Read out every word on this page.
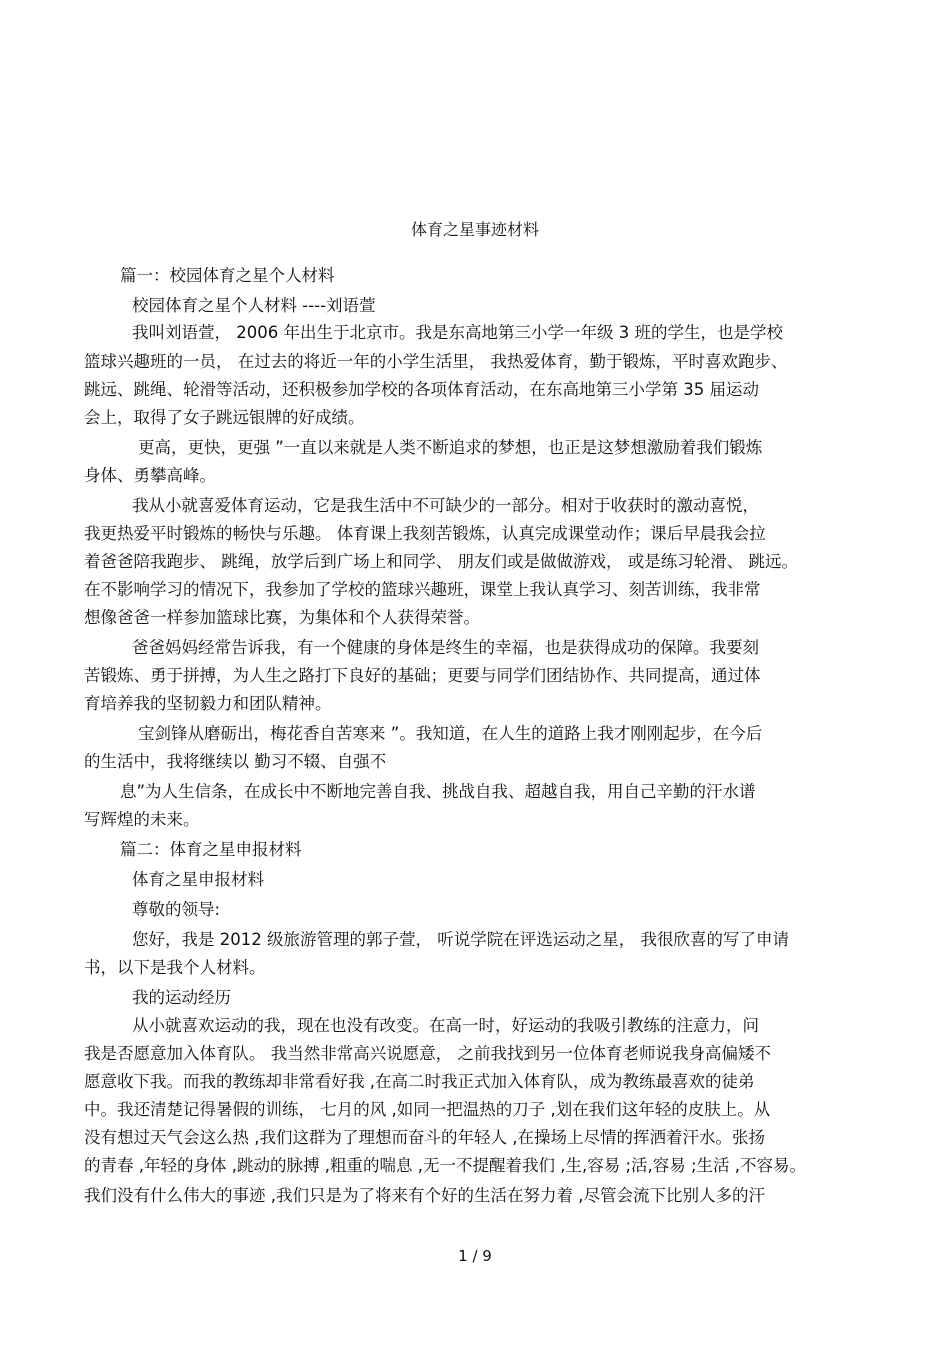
体育之星事迹材料
篇一：校园体育之星个人材料
校园体育之星个人材料 ----刘语萱
我叫刘语萱， 2006 年出生于北京市。我是东高地第三小学一年级 3 班的学生，也是学校
篮球兴趣班的一员， 在过去的将近一年的小学生活里， 我热爱体育，勤于锻炼，平时喜欢跑步、
跳远、跳绳、轮滑等活动，还积极参加学校的各项体育活动，在东高地第三小学第 35 届运动
会上，取得了女子跳远银牌的好成绩。
更高，更快，更强 ”一直以来就是人类不断追求的梦想，也正是这梦想激励着我们锻炼
身体、勇攀高峰。
我从小就喜爱体育运动，它是我生活中不可缺少的一部分。相对于收获时的激动喜悦，
我更热爱平时锻炼的畅快与乐趣。 体育课上我刻苦锻炼，认真完成课堂动作；课后早晨我会拉
着爸爸陪我跑步、 跳绳，放学后到广场上和同学、 朋友们或是做做游戏， 或是练习轮滑、 跳远。
在不影响学习的情况下，我参加了学校的篮球兴趣班，课堂上我认真学习、刻苦训练，我非常
想像爸爸一样参加篮球比赛，为集体和个人获得荣誉。
爸爸妈妈经常告诉我，有一个健康的身体是终生的幸福，也是获得成功的保障。我要刻
苦锻炼、勇于拼搏，为人生之路打下良好的基础；更要与同学们团结协作、共同提高，通过体
育培养我的坚韧毅力和团队精神。
宝剑锋从磨砺出，梅花香自苦寒来 ”。我知道，在人生的道路上我才刚刚起步，在今后
的生活中，我将继续以 勤习不辍、自强不
息”为人生信条，在成长中不断地完善自我、挑战自我、超越自我，用自己辛勤的汗水谱
写辉煌的未来。
篇二：体育之星申报材料
体育之星申报材料
尊敬的领导:
您好，我是 2012 级旅游管理的郭子萱， 听说学院在评选运动之星， 我很欣喜的写了申请
书，以下是我个人材料。
我的运动经历
从小就喜欢运动的我，现在也没有改变。在高一时，好运动的我吸引教练的注意力，问
我是否愿意加入体育队。 我当然非常高兴说愿意， 之前我找到另一位体育老师说我身高偏矮不
愿意收下我。而我的教练却非常看好我 ,在高二时我正式加入体育队，成为教练最喜欢的徒弟
中。我还清楚记得暑假的训练， 七月的风 ,如同一把温热的刀子 ,划在我们这年轻的皮肤上。从
没有想过天气会这么热 ,我们这群为了理想而奋斗的年轻人 ,在操场上尽情的挥洒着汗水。张扬
的青春 ,年轻的身体 ,跳动的脉搏 ,粗重的喘息 ,无一不提醒着我们 ,生,容易 ;活,容易 ;生活 ,不容易。
我们没有什么伟大的事迹 ,我们只是为了将来有个好的生活在努力着 ,尽管会流下比别人多的汗
1 / 9
